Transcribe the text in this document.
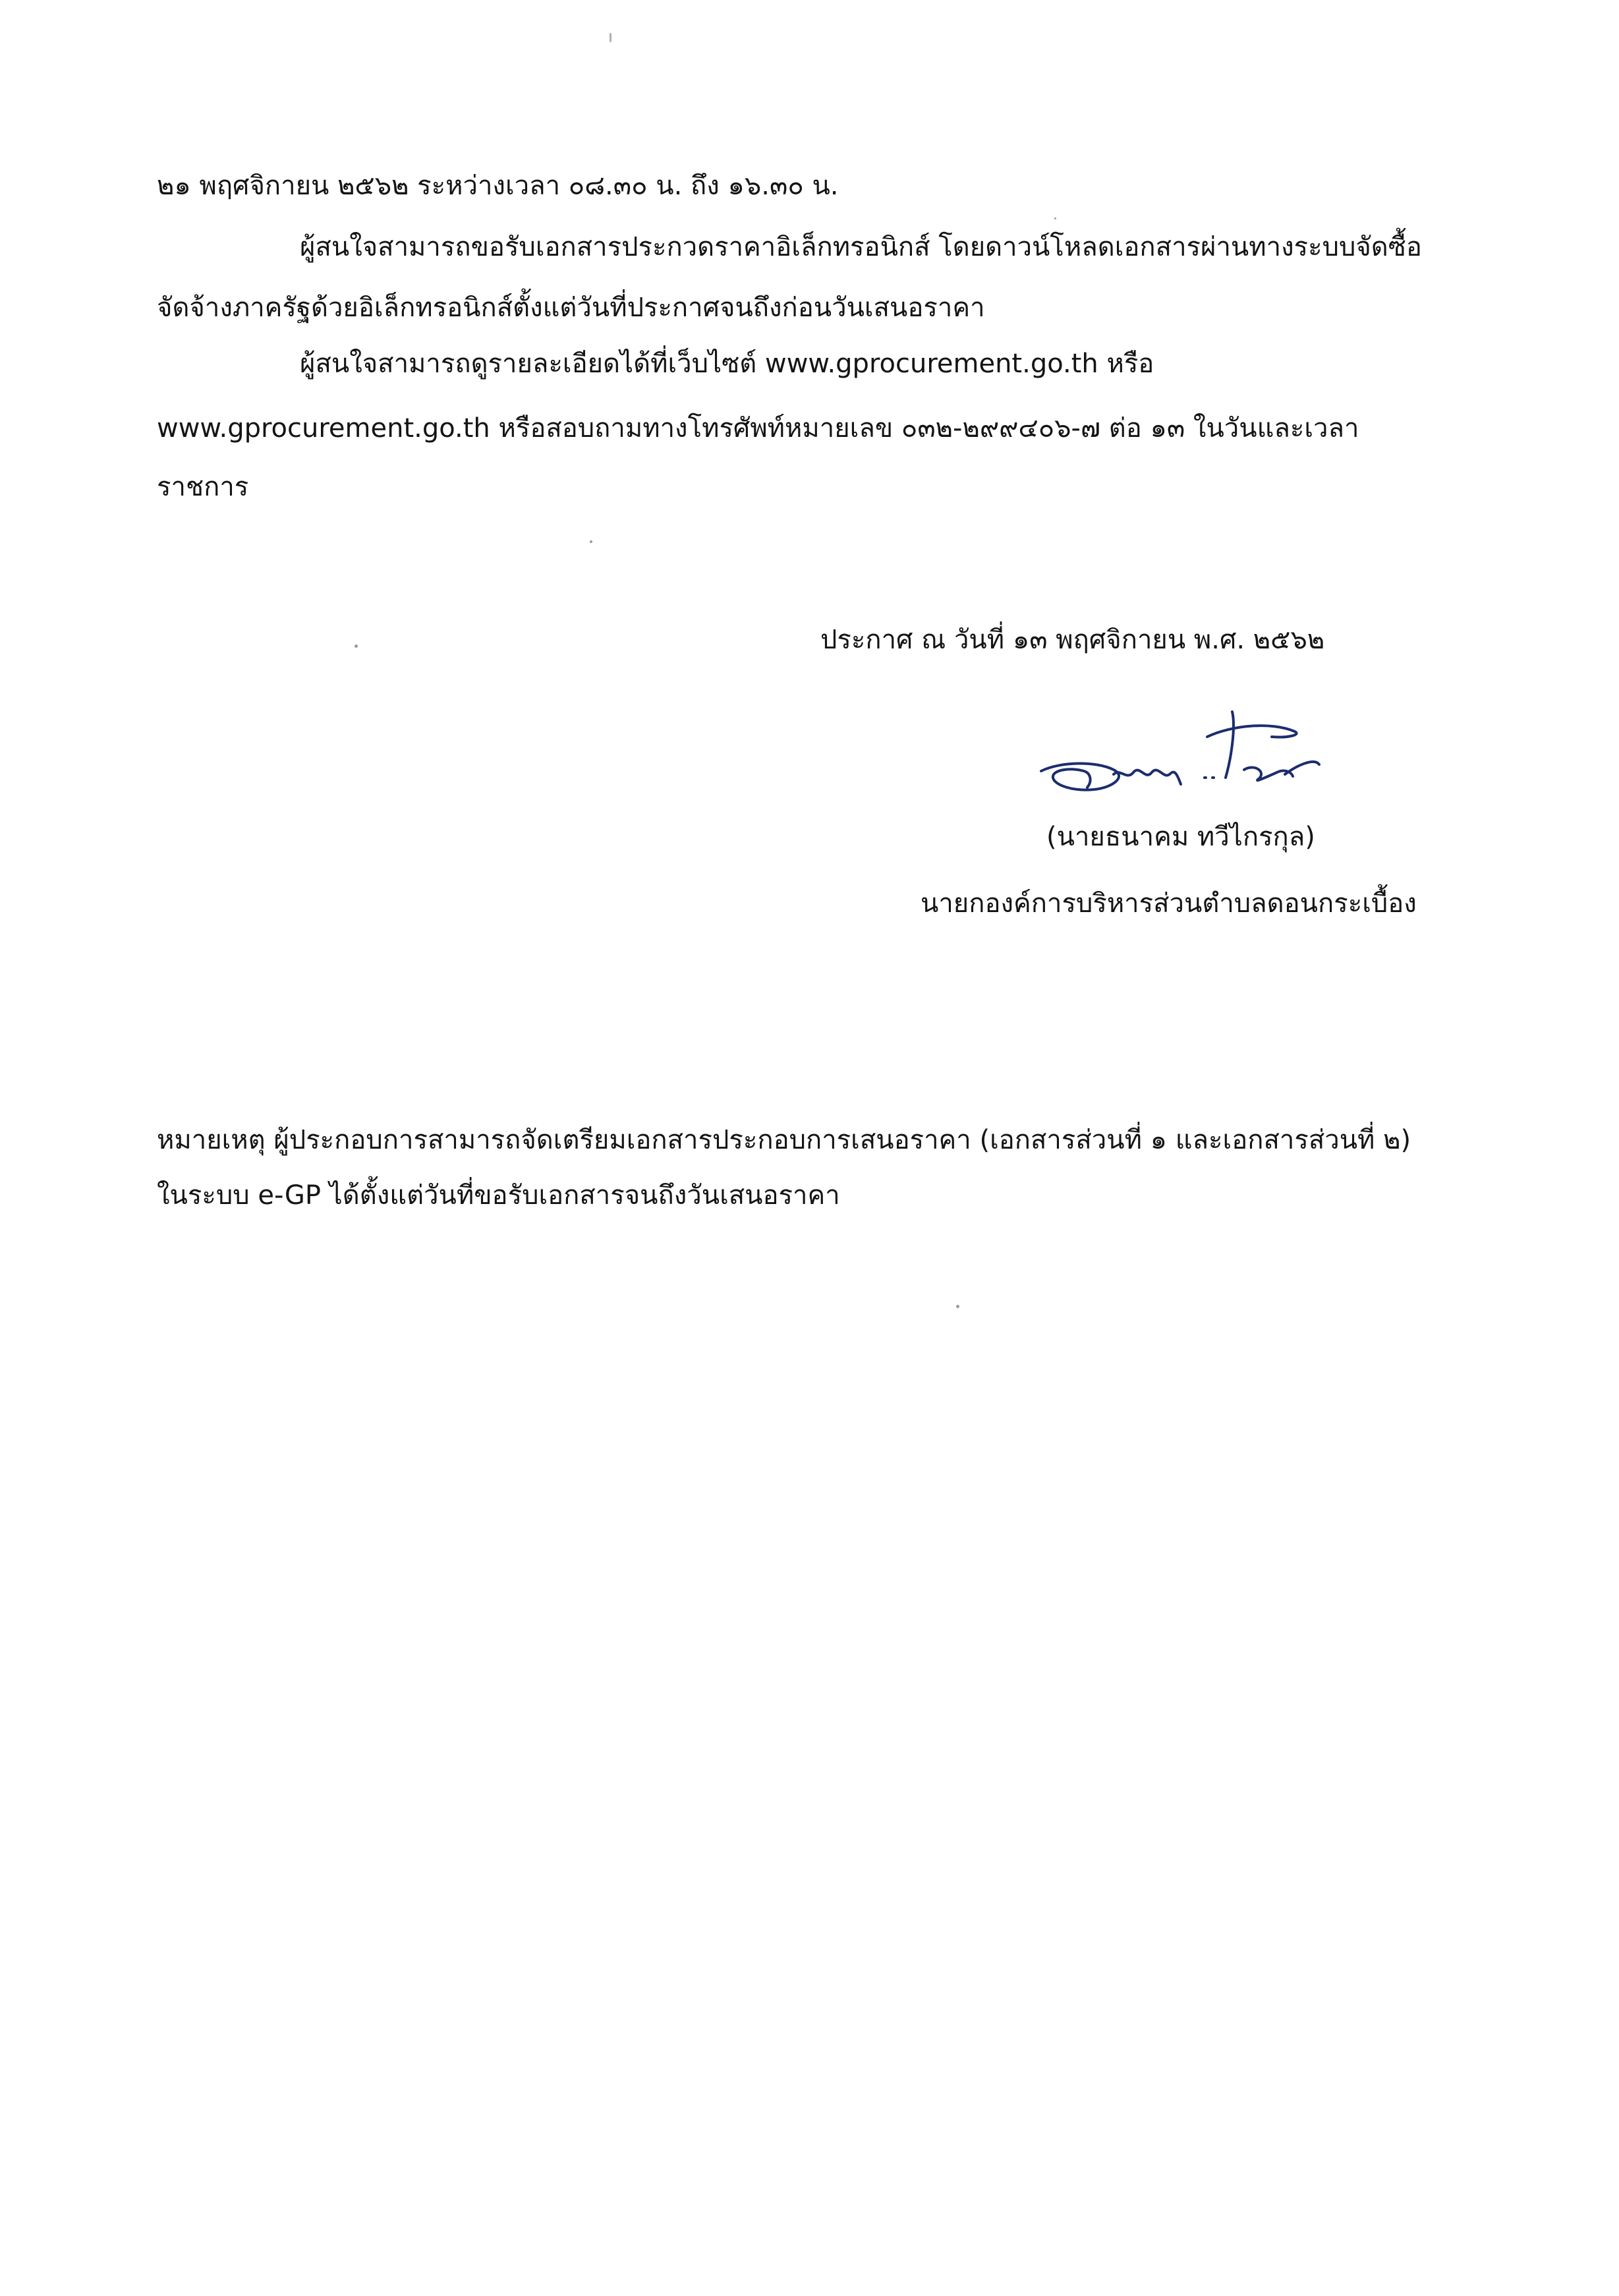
๒๑ พฤศจิกายน ๒๕๖๒ ระหว่างเวลา ๐๘.๓๐ น. ถึง ๑๖.๓๐ น.
ผู้สนใจสามารถขอรับเอกสารประกวดราคาอิเล็กทรอนิกส์ โดยดาวน์โหลดเอกสารผ่านทางระบบจัดซื้อ
จัดจ้างภาครัฐด้วยอิเล็กทรอนิกส์ตั้งแต่วันที่ประกาศจนถึงก่อนวันเสนอราคา
ผู้สนใจสามารถดูรายละเอียดได้ที่เว็บไซต์ www.gprocurement.go.th หรือ
www.gprocurement.go.th หรือสอบถามทางโทรศัพท์หมายเลข ๐๓๒-๒๙๙๔๐๖-๗ ต่อ ๑๓ ในวันและเวลา
ราชการ
ประกาศ ณ วันที่ ๑๓ พฤศจิกายน พ.ศ. ๒๕๖๒
(นายธนาคม ทวีไกรกุล)
นายกองค์การบริหารส่วนตำบลดอนกระเบื้อง
หมายเหตุ ผู้ประกอบการสามารถจัดเตรียมเอกสารประกอบการเสนอราคา (เอกสารส่วนที่ ๑ และเอกสารส่วนที่ ๒)
ในระบบ e-GP ได้ตั้งแต่วันที่ขอรับเอกสารจนถึงวันเสนอราคา
